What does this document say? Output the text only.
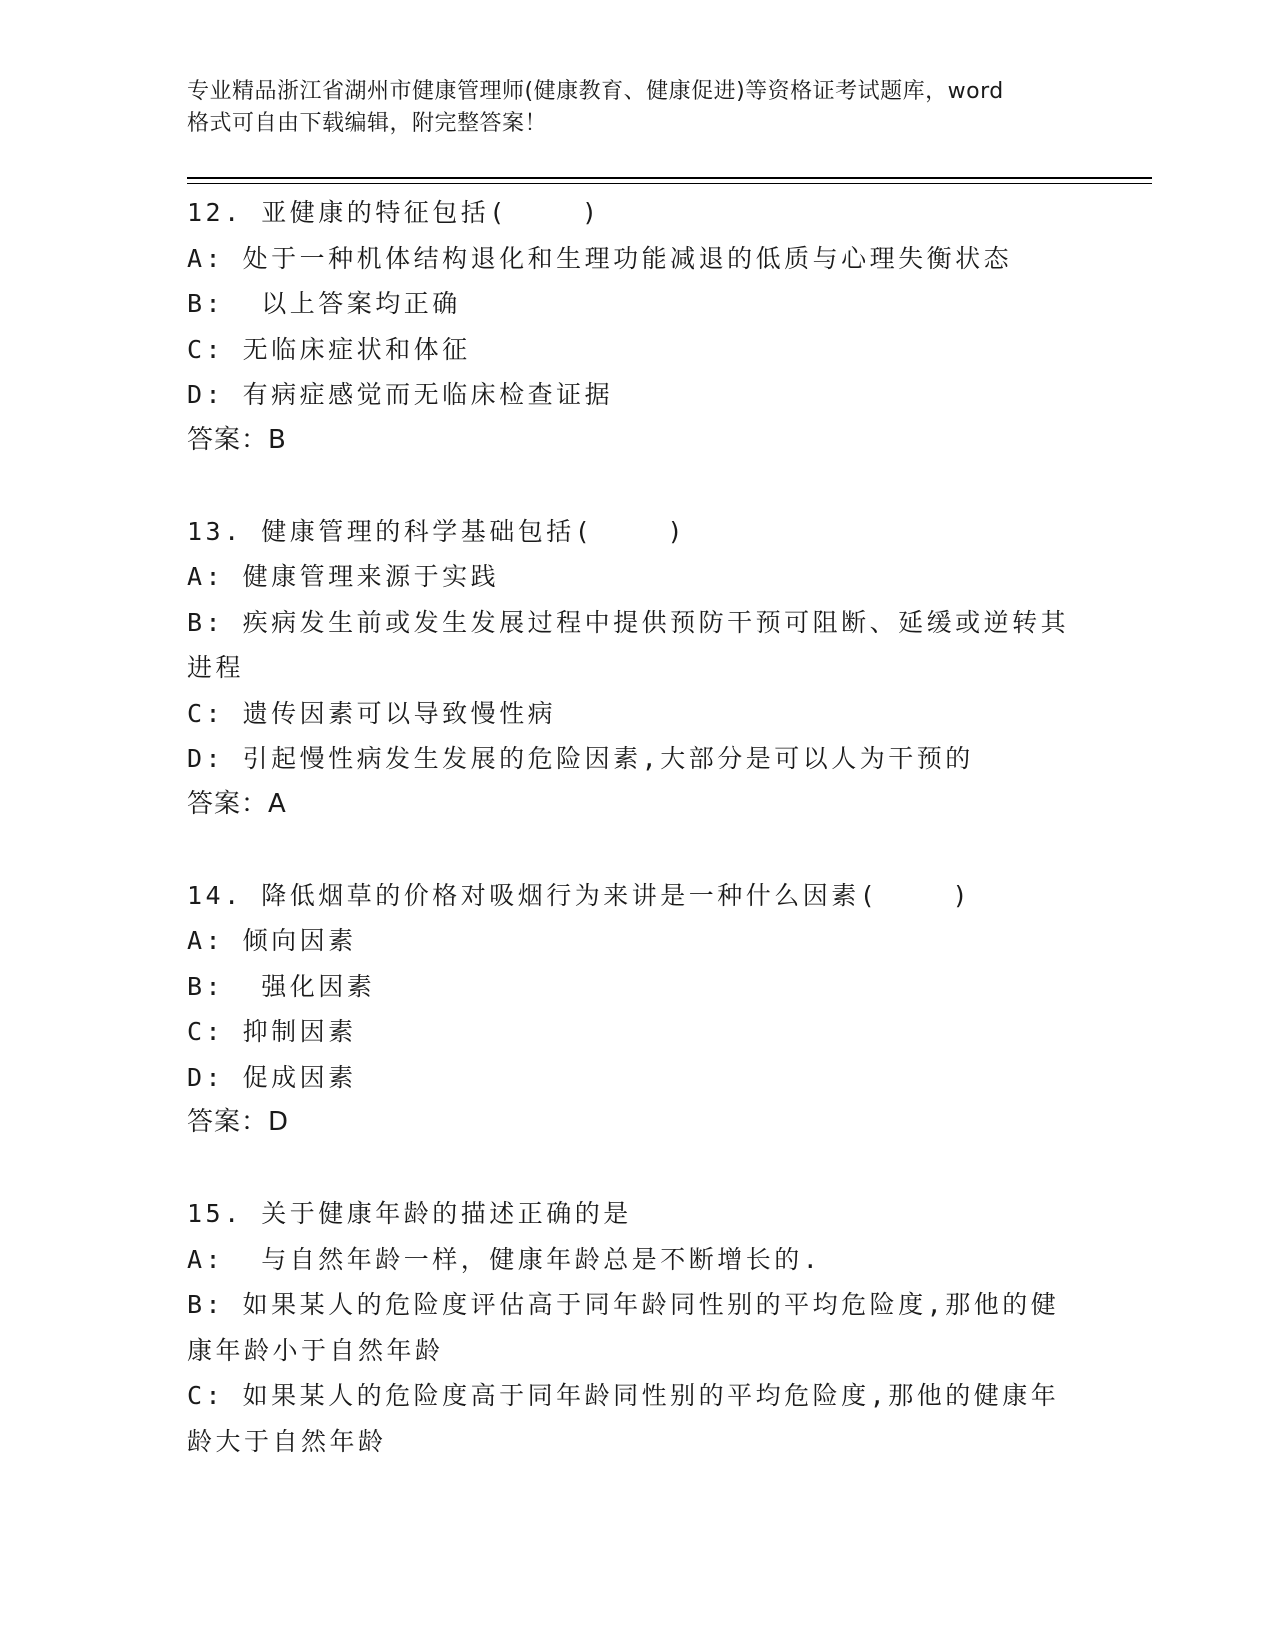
专业精品浙江省湖州市健康管理师(健康教育、健康促进)等资格证考试题库，word
格式可自由下载编辑，附完整答案！
12. 亚健康的特征包括(    )
A: 处于一种机体结构退化和生理功能减退的低质与心理失衡状态
B:  以上答案均正确
C: 无临床症状和体征
D: 有病症感觉而无临床检查证据
答案：B
13. 健康管理的科学基础包括(    )
A: 健康管理来源于实践
B: 疾病发生前或发生发展过程中提供预防干预可阻断、延缓或逆转其进程
C: 遗传因素可以导致慢性病
D: 引起慢性病发生发展的危险因素,大部分是可以人为干预的
答案：A
14. 降低烟草的价格对吸烟行为来讲是一种什么因素(    )
A: 倾向因素
B:  强化因素
C: 抑制因素
D: 促成因素
答案：D
15. 关于健康年龄的描述正确的是
A:  与自然年龄一样，健康年龄总是不断增长的.
B: 如果某人的危险度评估高于同年龄同性别的平均危险度,那他的健康年龄小于自然年龄
C: 如果某人的危险度高于同年龄同性别的平均危险度,那他的健康年龄大于自然年龄
